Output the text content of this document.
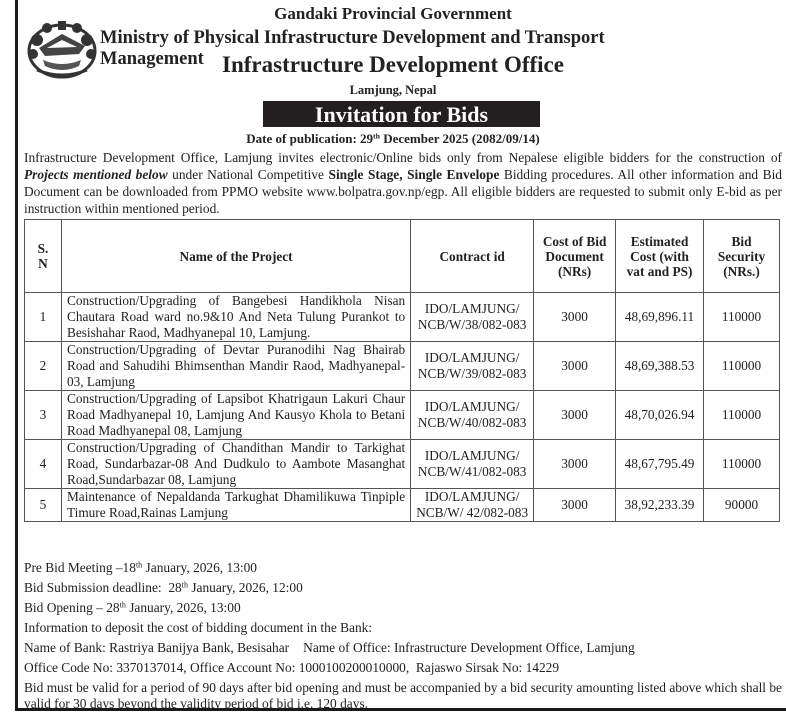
Gandaki Provincial Government
Ministry of Physical Infrastructure Development and Transport Management Infrastructure Development Office
Lamjung, Nepal
Invitation for Bids
Date of publication: 29th December 2025 (2082/09/14)
Infrastructure Development Office, Lamjung invites electronic/Online bids only from Nepalese eligible bidders for the construction of Projects mentioned below under National Competitive Single Stage, Single Envelope Bidding procedures. All other information and Bid Document can be downloaded from PPMO website www.bolpatra.gov.np/egp. All eligible bidders are requested to submit only E-bid as per instruction within mentioned period.
S. N	Name of the Project	Contract id	Cost of Bid Document (NRs)	Estimated Cost (with vat and PS)	Bid Security (NRs.)
1	Construction/Upgrading of Bangebesi Handikhola Nisan Chautara Road ward no.9&10 And Neta Tulung Purankot to Besishahar Raod, Madhyanepal 10, Lamjung.	IDO/LAMJUNG/
NCB/W/38/082-083	3000	48,69,896.11	110000
2	Construction/Upgrading of Devtar Puranodihi Nag Bhairab Road and Sahudihi Bhimsenthan Mandir Raod, Madhyanepal- 03, Lamjung	IDO/LAMJUNG/
NCB/W/39/082-083	3000	48,69,388.53	110000
3	Construction/Upgrading of Lapsibot Khatrigaun Lakuri Chaur Road Madhyanepal 10, Lamjung And Kausyo Khola to Betani Road Madhyanepal 08, Lamjung	IDO/LAMJUNG/
NCB/W/40/082-083	3000	48,70,026.94	110000
4	Construction/Upgrading of Chandithan Mandir to Tarkighat Road, Sundarbazar-08 And Dudkulo to Aambote Masanghat Road,Sundarbazar 08, Lamjung	IDO/LAMJUNG/
NCB/W/41/082-083	3000	48,67,795.49	110000
5	Maintenance of Nepaldanda Tarkughat Dhamilikuwa Tinpiple Timure Road,Rainas Lamjung	IDO/LAMJUNG/
NCB/W/ 42/082-083	3000	38,92,233.39	90000
Pre Bid Meeting –18th January, 2026, 13:00
Bid Submission deadline:  28th January, 2026, 12:00
Bid Opening – 28th January, 2026, 13:00
Information to deposit the cost of bidding document in the Bank:
Name of Bank: Rastriya Banijya Bank, Besisahar Name of Office: Infrastructure Development Office, Lamjung
Office Code No: 3370137014, Office Account No: 1000100200010000,  Rajaswo Sirsak No: 14229
Bid must be valid for a period of 90 days after bid opening and must be accompanied by a bid security amounting listed above which shall be valid for 30 days beyond the validity period of bid i.e. 120 days.
